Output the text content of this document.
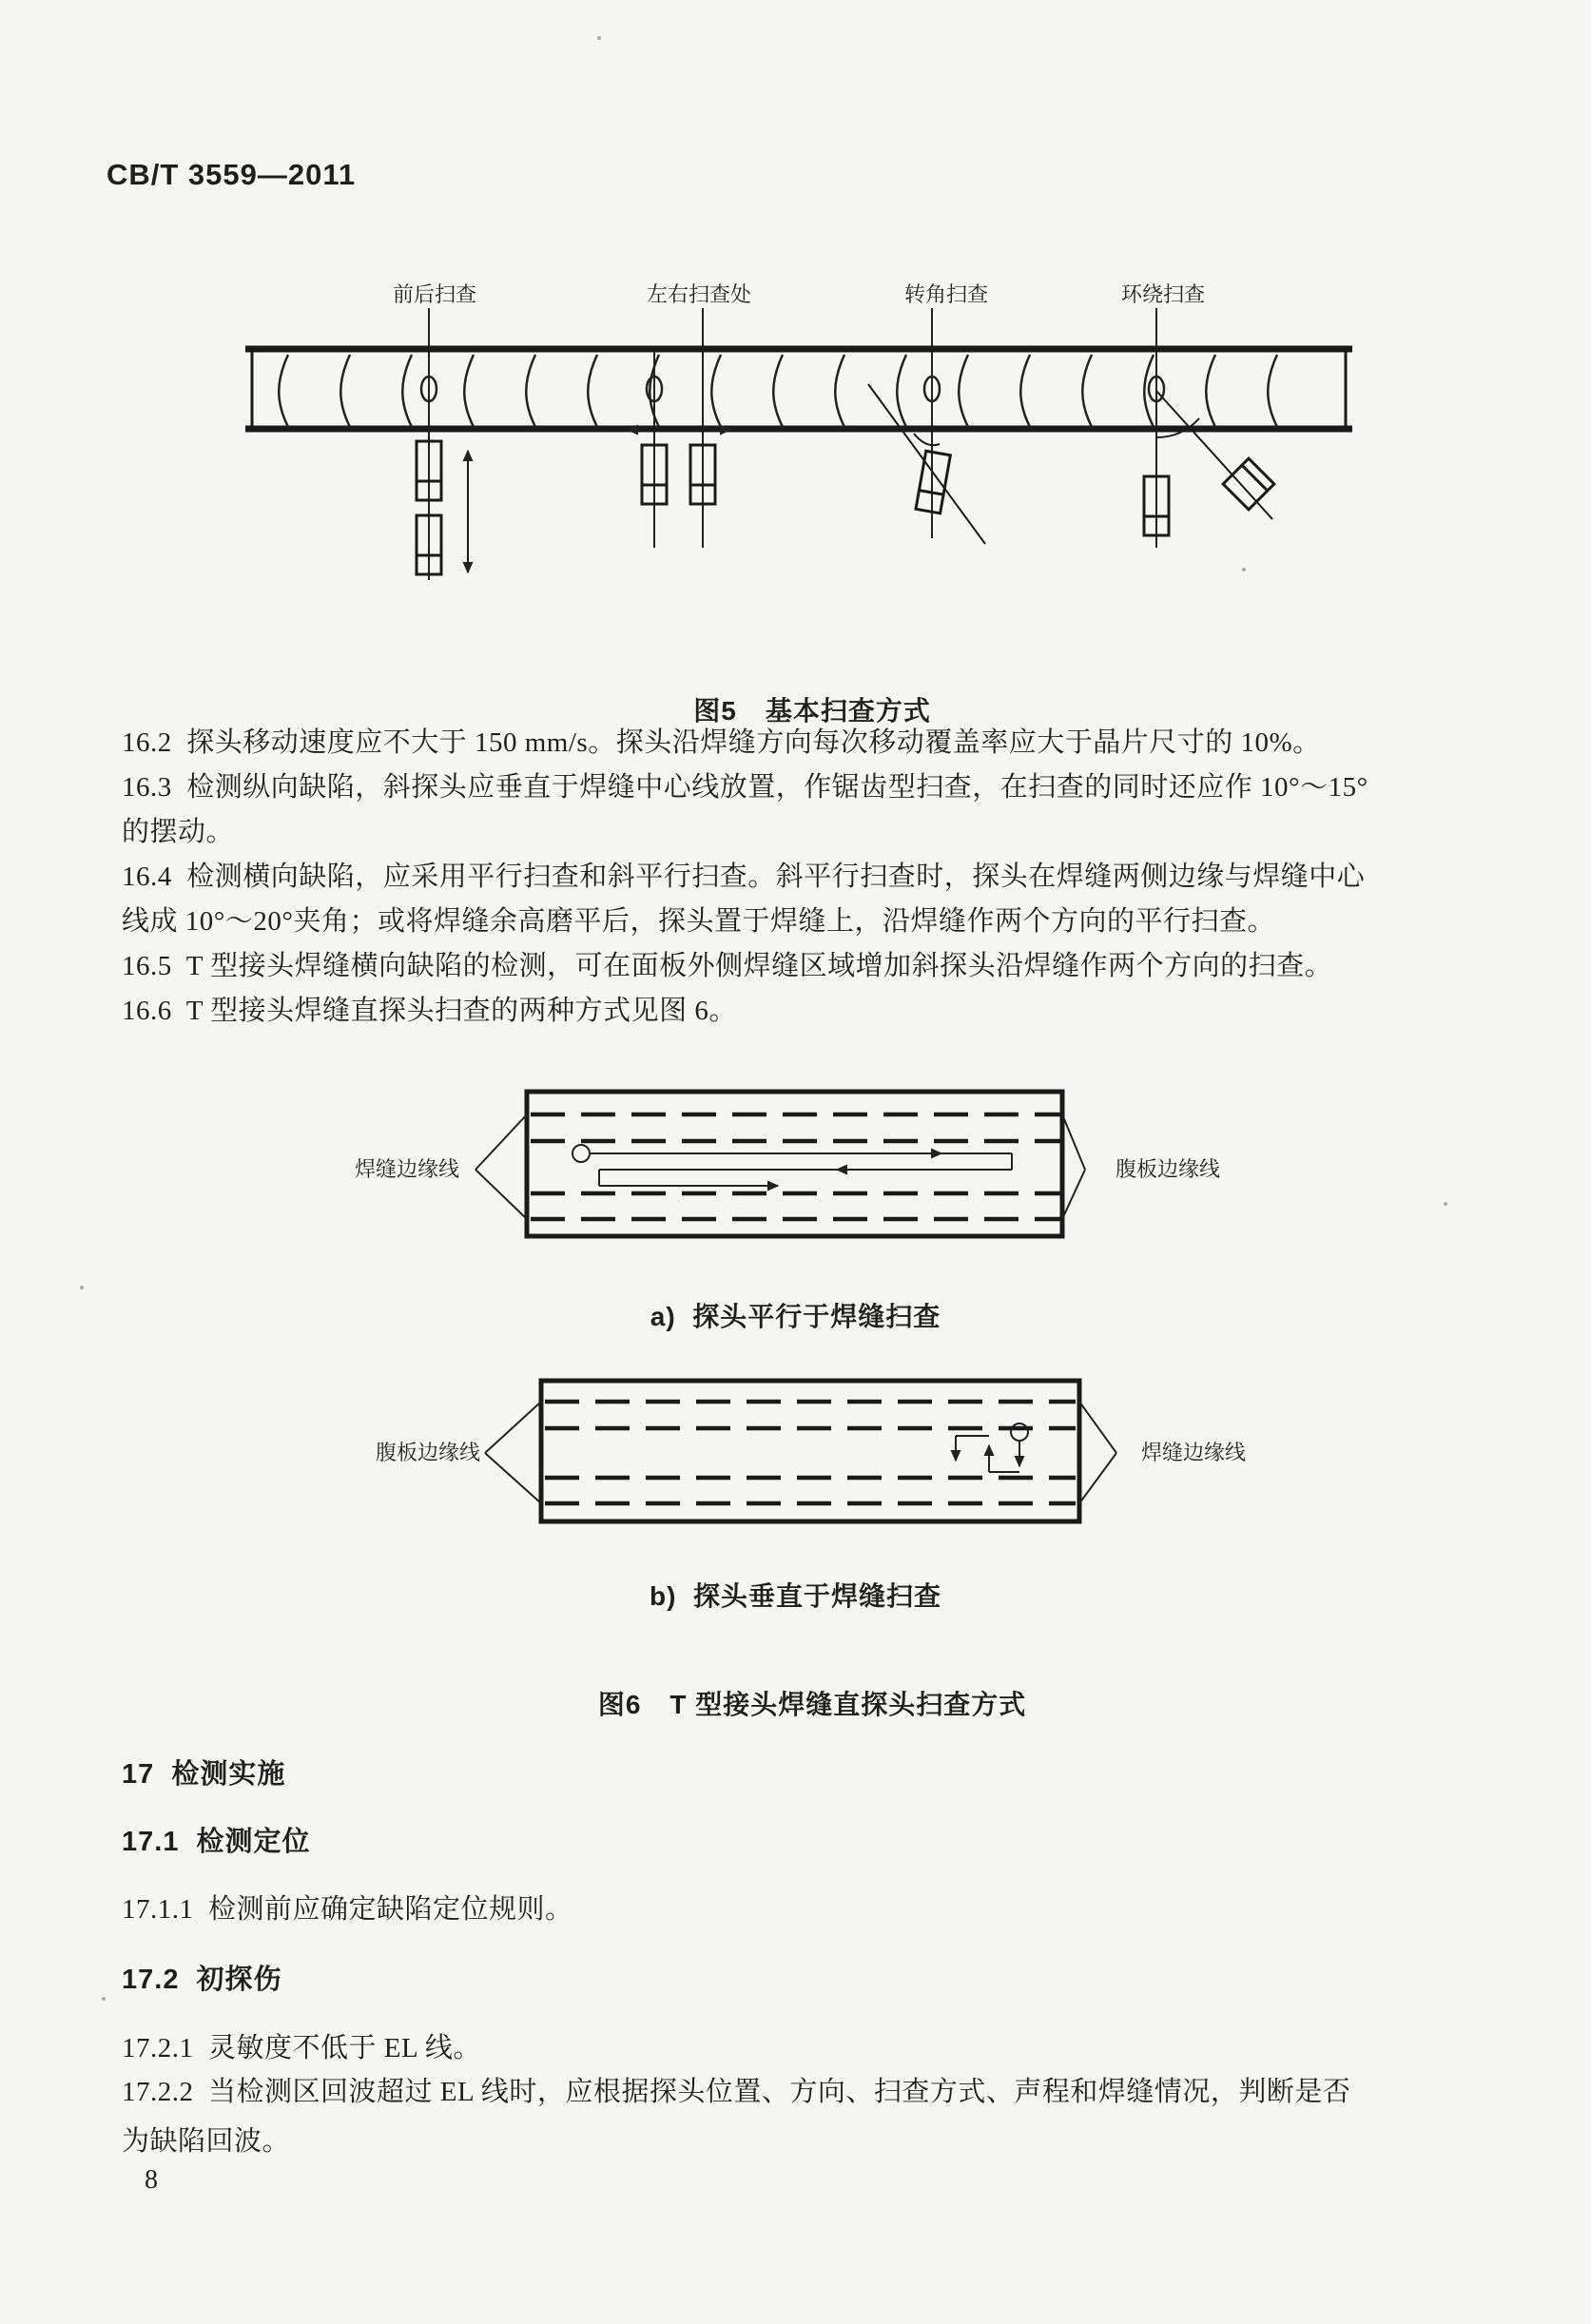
CB/T 3559—2011
前后扫查	左右扫查处	转角扫查	环绕扫查

图5 基本扫查方式

16.2  探头移动速度应不大于 150 mm/s。探头沿焊缝方向每次移动覆盖率应大于晶片尺寸的 10%。
16.3  检测纵向缺陷，斜探头应垂直于焊缝中心线放置，作锯齿型扫查，在扫查的同时还应作 10°～15°
的摆动。
16.4  检测横向缺陷，应采用平行扫查和斜平行扫查。斜平行扫查时，探头在焊缝两侧边缘与焊缝中心
线成 10°～20°夹角；或将焊缝余高磨平后，探头置于焊缝上，沿焊缝作两个方向的平行扫查。
16.5  T 型接头焊缝横向缺陷的检测，可在面板外侧焊缝区域增加斜探头沿焊缝作两个方向的扫查。
16.6  T 型接头焊缝直探头扫查的两种方式见图 6。
焊缝边缘线	腹板边缘线
a)  探头平行于焊缝扫查
腹板边缘线	焊缝边缘线
b)  探头垂直于焊缝扫查

图6 T 型接头焊缝直探头扫查方式

17  检测实施
17.1  检测定位
17.1.1  检测前应确定缺陷定位规则。
17.2  初探伤
17.2.1  灵敏度不低于 EL 线。
17.2.2  当检测区回波超过 EL 线时，应根据探头位置、方向、扫查方式、声程和焊缝情况，判断是否
为缺陷回波。
8
